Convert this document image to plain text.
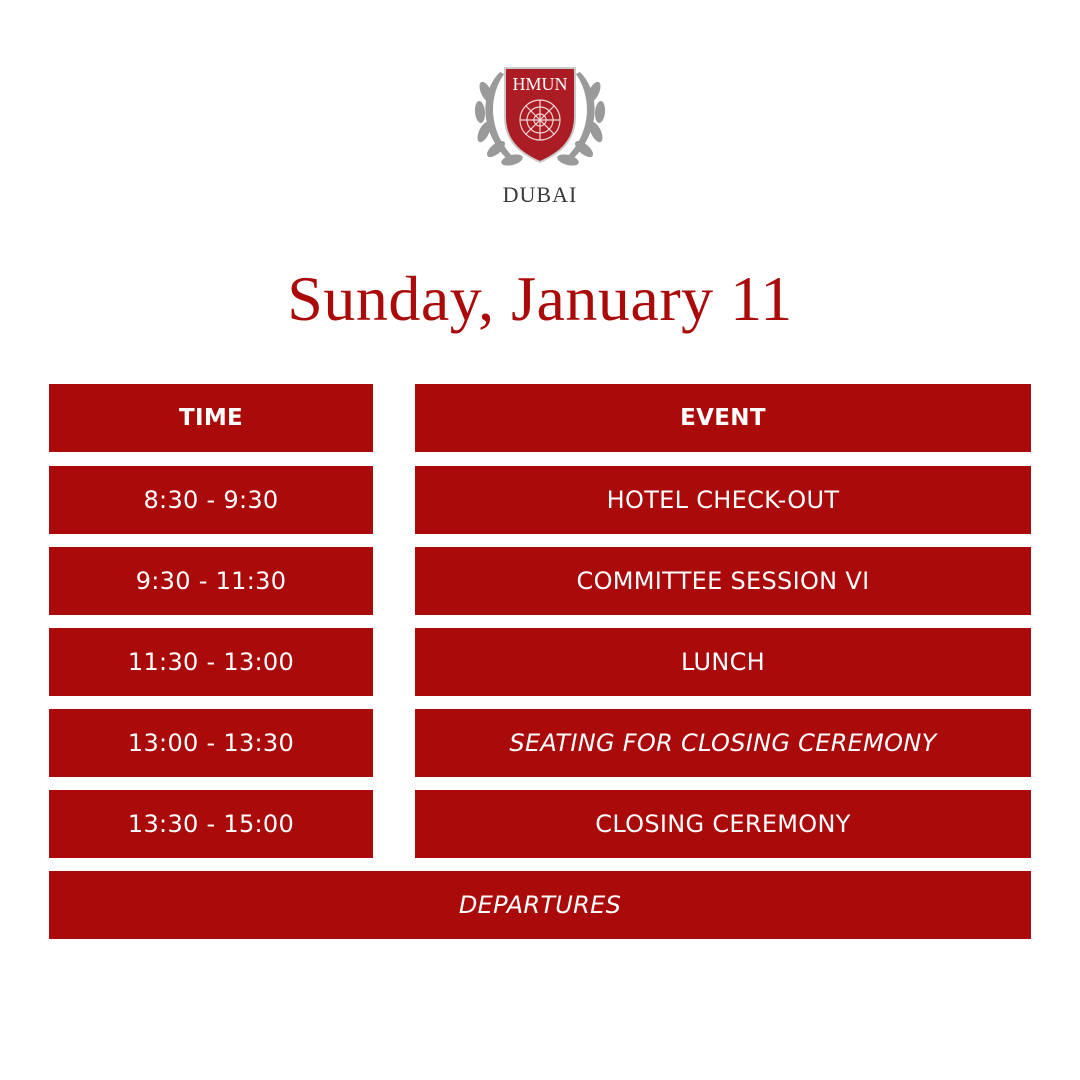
HMUN
DUBAI
Sunday, January 11
TIME	EVENT
8:30 - 9:30	HOTEL CHECK-OUT
9:30 - 11:30	COMMITTEE SESSION VI
11:30 - 13:00	LUNCH
13:00 - 13:30	SEATING FOR CLOSING CEREMONY
13:30 - 15:00	CLOSING CEREMONY
DEPARTURES
